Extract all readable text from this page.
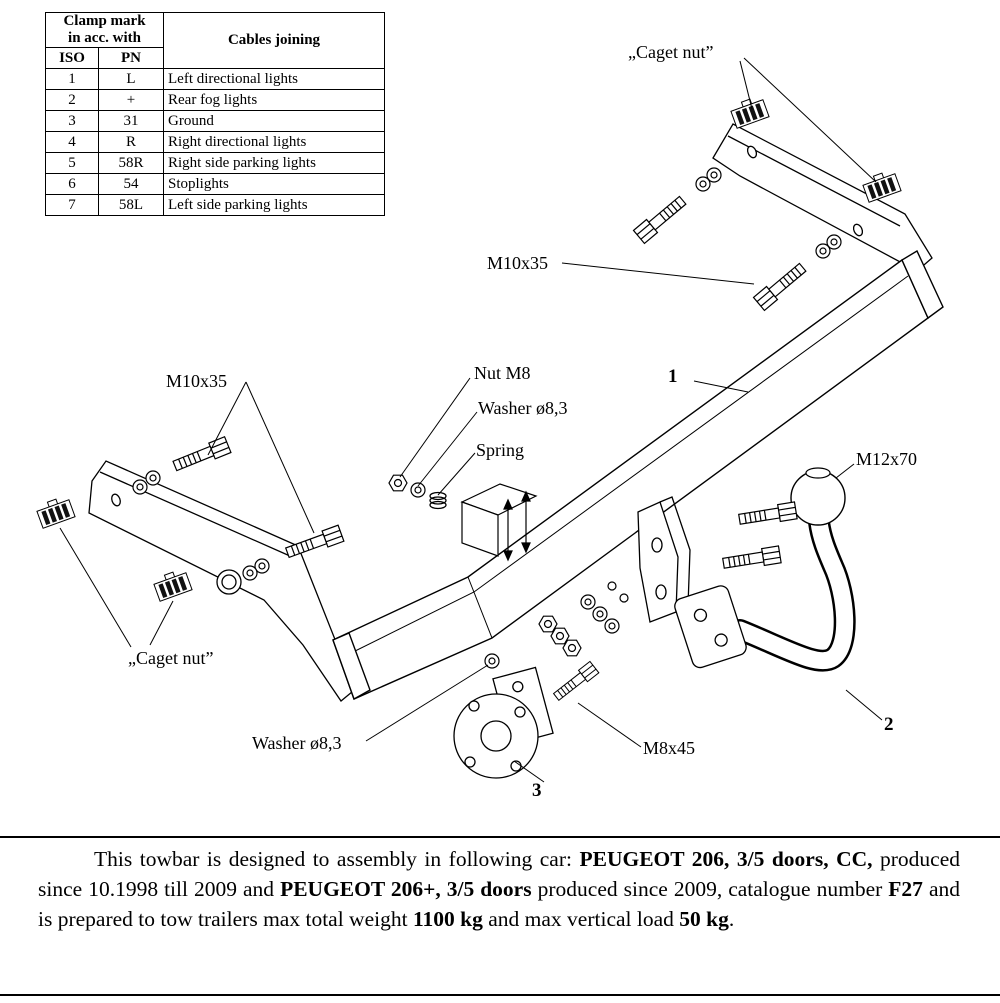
Clamp mark
in acc. with		Cables joining
ISO	PN	
1	L	Left directional lights
2	+	Rear fog lights
3	31	Ground
4	R	Right directional lights
5	58R	Right side parking lights
6	54	Stoplights
7	58L	Left side parking lights
„Caget nut”
M10x35
M10x35	Nut M8
Washer ø8,3
Spring	M12x70
„Caget nut”
Washer ø8,3	M8x45
1
2
3

This towbar is designed to assembly in following car: PEUGEOT 206, 3/5 doors, CC, produced since 10.1998 till 2009 and PEUGEOT 206+, 3/5 doors produced since 2009, catalogue number F27 and is prepared to tow trailers max total weight 1100 kg and max vertical load 50 kg.
